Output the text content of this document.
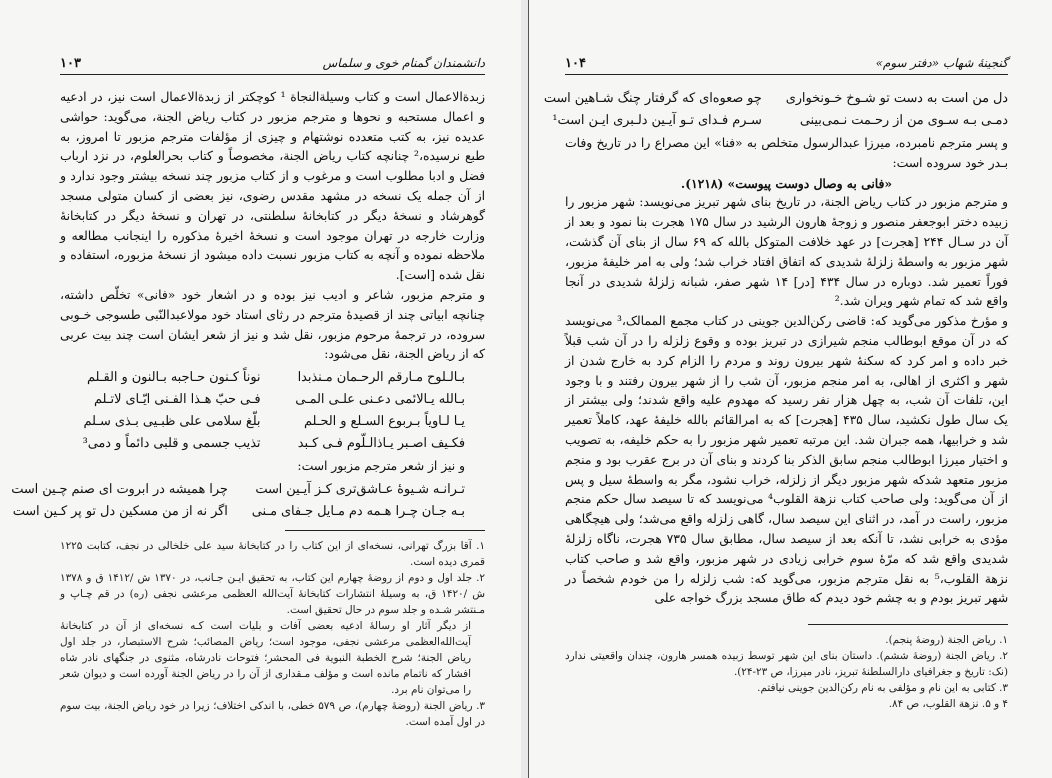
دانشمندان گمنام خوی و سلماس
۱۰۳

زبدةالاعمال است و کتاب وسیلةالنجاة ¹ کوچکتر از زبدةالاعمال است نیز، در ادعیه و اعمال مستحبه و نحوها و مترجم مزبور در کتاب ریاض الجنة، می‌گوید: حواشی عدیده نیز، به کتب متعدده نوشتهام و چیزی از مؤلفات مترجم مزبور تا امروز، به طبع نرسیده،² چنانچه کتاب ریاض الجنة، مخصوصاً و کتاب بحرالعلوم، در نزد ارباب فضل و ادبا مطلوب است و مرغوب و از کتاب مزبور چند نسخه بیشتر وجود ندارد و از آن جمله یک نسخه در مشهد مقدس رضوی، نیز بعضی از کسان متولی مسجد گوهرشاد و نسخهٔ دیگر در کتابخانهٔ سلطنتی، در تهران و نسخهٔ دیگر در کتابخانهٔ وزارت خارجه در تهران موجود است و نسخهٔ اخیرهٔ مذکوره را اینجانب مطالعه و ملاحظه نموده و آنچه به کتاب مزبور نسبت داده میشود از نسخهٔ مزبوره، استفاده و نقل شده [است].

و مترجم مزبور، شاعر و ادیب نیز بوده و در اشعار خود «فانی» تخلّص داشته، چنانچه ابیاتی چند از قصیدهٔ مترجم در رثای استاد خود مولاعبدالنّبی طسوجی خـوبی سروده، در ترجمهٔ مرحوم مزبور، نقل شد و نیز از شعر ایشان است چند بیت عربی که از ریاض الجنة، نقل می‌شود:

بـالـلوح مـارقم الرحـمان مـنذبدا
نوناً کـنون حـاجبه بـالنون و القـلم
بـالله یـالائمی دعـنی علـی المـی
فـی حبّ هـذا الفـنی ایّـای لاتـلم
یـا لـاویاً بـربوع السـلع و الحـلم
بلّغ سلامی علی ظبـیی بـذی سـلم
فکـیف اصـبر یـاذالـلّوم فـی کـبد
تذیب جسمی و قلبی دائماً و دمی³

و نیز از شعر مترجم مزبور است:

تـرانـه شـیوهٔ عـاشق‌تری کـز آیـین است
چرا همیشه در ابروت ای صنم چـین است
بـه جـان چـرا هـمه دم مـایل جـفای مـنی
اگر نه از من مسکین دل تو پر کـین است

۱. آقا بزرگ تهرانی، نسخه‌ای از این کتاب را در کتابخانهٔ سید علی خلخالی در نجف، کتابت ۱۲۲۵ قمری دیده است.

۲. جلد اول و دوم از روضهٔ چهارم این کتاب، به تحقیق ایـن جـانب، در ۱۳۷۰ ش /۱۴۱۲ ق و ۱۳۷۸ ش /۱۴۲۰ ق، به وسیلهٔ انتشارات کتابخانهٔ آیت‌الله العظمی مرعشی نجفی (ره) در قم چـاپ و مـنتشر شـده و جلد سوم در حال تحقیق است.

از دیگر آثار او رسالهٔ ادعیه بعضی آفات و بلیات است کـه نسخه‌ای از آن در کتابخانهٔ آیت‌الله‌العظمی مرعشی نجفی، موجود است؛ ریاض المصائب؛ شرح الاستبصار، در جلد اول ریاض الجنة؛ شرح الخطبة النبویة فی المحشر؛ فتوحات نادرشاه، مثنوی در جنگهای نادر شاه افشار که ناتمام مانده است و مؤلف مـقداری از آن را در ریاض الجنة آورده است و دیوان شعر را می‌توان نام برد.

۳. ریاض الجنة (روضهٔ چهارم)، ص ۵۷۹ خطی، با اندکی اختلاف؛ زیرا در خود ریاض الجنة، بیت سوم در اول آمده است.

گنجینهٔ شهاب «دفتر سوم»
۱۰۴
دل من است به دست تو شـوخ خـونخواری
چو صعوه‌ای که گرفتار چنگ شـاهین است
دمـی بـه سـوی من از رحـمت نـمی‌بینی
سـرم فـدای تـو آیـین دلـبری ایـن است¹

و پسر مترجم نامبرده، میرزا عبدالرسول متخلص به «فنا» این مصراع را در تاریخ وفات بـدر خود سروده است:

«فانی به وصال دوست پیوست» (۱۲۱۸).

و مترجم مزبور در کتاب ریاض الجنة، در تاریخ بنای شهر تبریز می‌نویسد: شهر مزبور را زبیده دختر ابوجعفر منصور و زوجهٔ هارون الرشید در سال ۱۷۵ هجرت بنا نمود و بعد از آن در سـال ۲۴۴ [هجرت] در عهد خلافت المتوکل بالله که ۶۹ سال از بنای آن گذشت، شهر مزبور به واسطهٔ زلزلهٔ شدیدی که اتفاق افتاد خراب شد؛ ولی به امر خلیفهٔ مزبور، فوراً تعمیر شد. دوباره در سال ۴۳۴ [در] ۱۴ شهر صفر، شبانه زلزلهٔ شدیدی در آنجا واقع شد که تمام شهر ویران شد.²

و مؤرخ مذکور می‌گوید که: قاضی رکن‌الدین جوینی در کتاب مجمع الممالک،³ می‌نویسد که در آن موقع ابوطالب منجم شیرازی در تبریز بوده و وقوع زلزله را در آن شب قبلاً خبر داده و امر کرد که سکنهٔ شهر بیرون روند و مردم را الزام کرد به خارج شدن از شهر و اکثری از اهالی، به امر منجم مزبور، آن شب را از شهر بیرون رفتند و با وجود این، تلفات آن شب، به چهل هزار نفر رسید که مهدوم علیه واقع شدند؛ ولی بیشتر از یک سال طول نکشید، سال ۴۳۵ [هجرت] که به امرالقائم بالله خلیفهٔ عهد، کاملاً تعمیر شد و خرابیها، همه جبران شد. این مرتبه تعمیر شهر مزبور را به حکم خلیفه، به تصویب و اختیار میرزا ابوطالب منجم سابق الذکر بنا کردند و بنای آن در برج عقرب بود و منجم مزبور متعهد شدکه شهر مزبور دیگر از زلزله، خراب نشود، مگر به واسطهٔ سیل و پس از آن می‌گوید: ولی صاحب کتاب نزهة القلوب⁴ می‌نویسد که تا سیصد سال حکم منجم مزبور، راست در آمد، در اثنای این سیصد سال، گاهی زلزله واقع می‌شد؛ ولی هیچگاهی مؤدی به خرابی نشد، تا آنکه بعد از سیصد سال، مطابق سال ۷۳۵ هجرت، ناگاه زلزلهٔ شدیدی واقع شد که مرّهٔ سوم خرابی زیادی در شهر مزبور، واقع شد و صاحب کتاب نزهة القلوب،⁵ به نقل مترجم مزبور، می‌گوید که: شب زلزله را من خودم شخصاً در شهر تبریز بودم و به چشم خود دیدم که طاق مسجد بزرگ خواجه علی

۱. ریاض الجنة (روضهٔ پنجم).

۲. ریاض الجنة (روضهٔ ششم). داستان بنای این شهر توسط زبیده همسر هارون، چندان واقعیتی ندارد (نک: تاریخ و جغرافیای دارالسلطنهٔ تبریز، نادر میرزا، ص ۲۳-۲۴).

۳. کتابی به این نام و مؤلفی به نام رکن‌الدین جوینی نیافتم.

۴ و ۵. نزهة القلوب، ص ۸۴.
